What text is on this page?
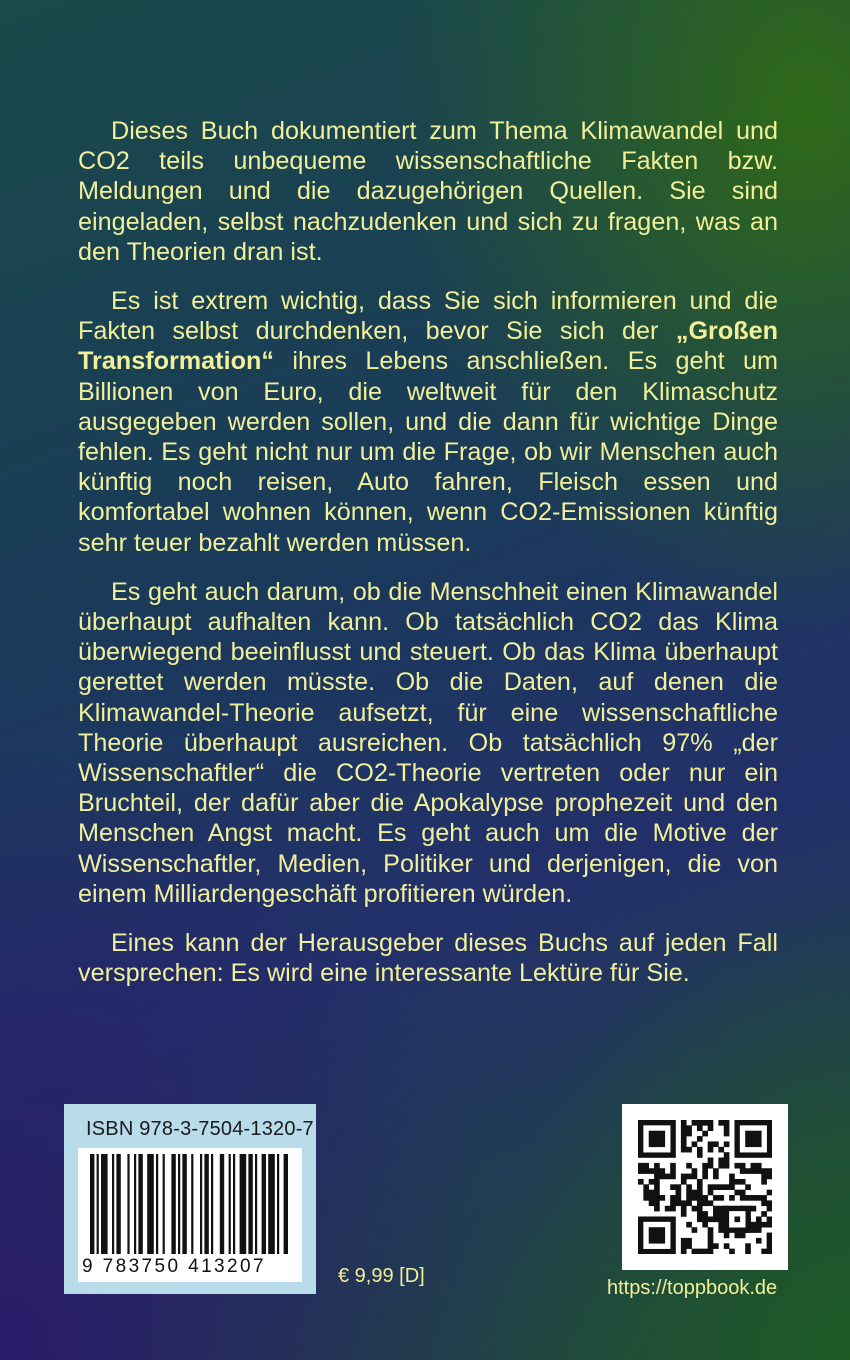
Dieses Buch dokumentiert zum Thema Klimawandel und CO2 teils unbequeme wissenschaftliche Fakten bzw. Meldungen und die dazugehörigen Quellen. Sie sind eingeladen, selbst nachzudenken und sich zu fragen, was an den Theorien dran ist.

Es ist extrem wichtig, dass Sie sich informieren und die Fakten selbst durchdenken, bevor Sie sich der „Großen Transformation“ ihres Lebens anschließen. Es geht um Billionen von Euro, die weltweit für den Klimaschutz ausgegeben werden sollen, und die dann für wichtige Dinge fehlen. Es geht nicht nur um die Frage, ob wir Menschen auch künftig noch reisen, Auto fahren, Fleisch essen und komfortabel wohnen können, wenn CO2-Emissionen künftig sehr teuer bezahlt werden müssen.

Es geht auch darum, ob die Menschheit einen Klimawandel überhaupt aufhalten kann. Ob tatsächlich CO2 das Klima überwiegend beeinflusst und steuert. Ob das Klima überhaupt gerettet werden müsste. Ob die Daten, auf denen die Klimawandel-Theorie aufsetzt, für eine wissenschaftliche Theorie überhaupt ausreichen. Ob tatsächlich 97% „der Wissenschaftler“ die CO2-Theorie vertreten oder nur ein Bruchteil, der dafür aber die Apokalypse prophezeit und den Menschen Angst macht. Es geht auch um die Motive der Wissenschaftler, Medien, Politiker und derjenigen, die von einem Milliardengeschäft profitieren würden.

Eines kann der Herausgeber dieses Buchs auf jeden Fall versprechen: Es wird eine interessante Lektüre für Sie.

ISBN 978-3-7504-1320-7
9 783750 413207	€ 9,99 [D]
https://toppbook.de
